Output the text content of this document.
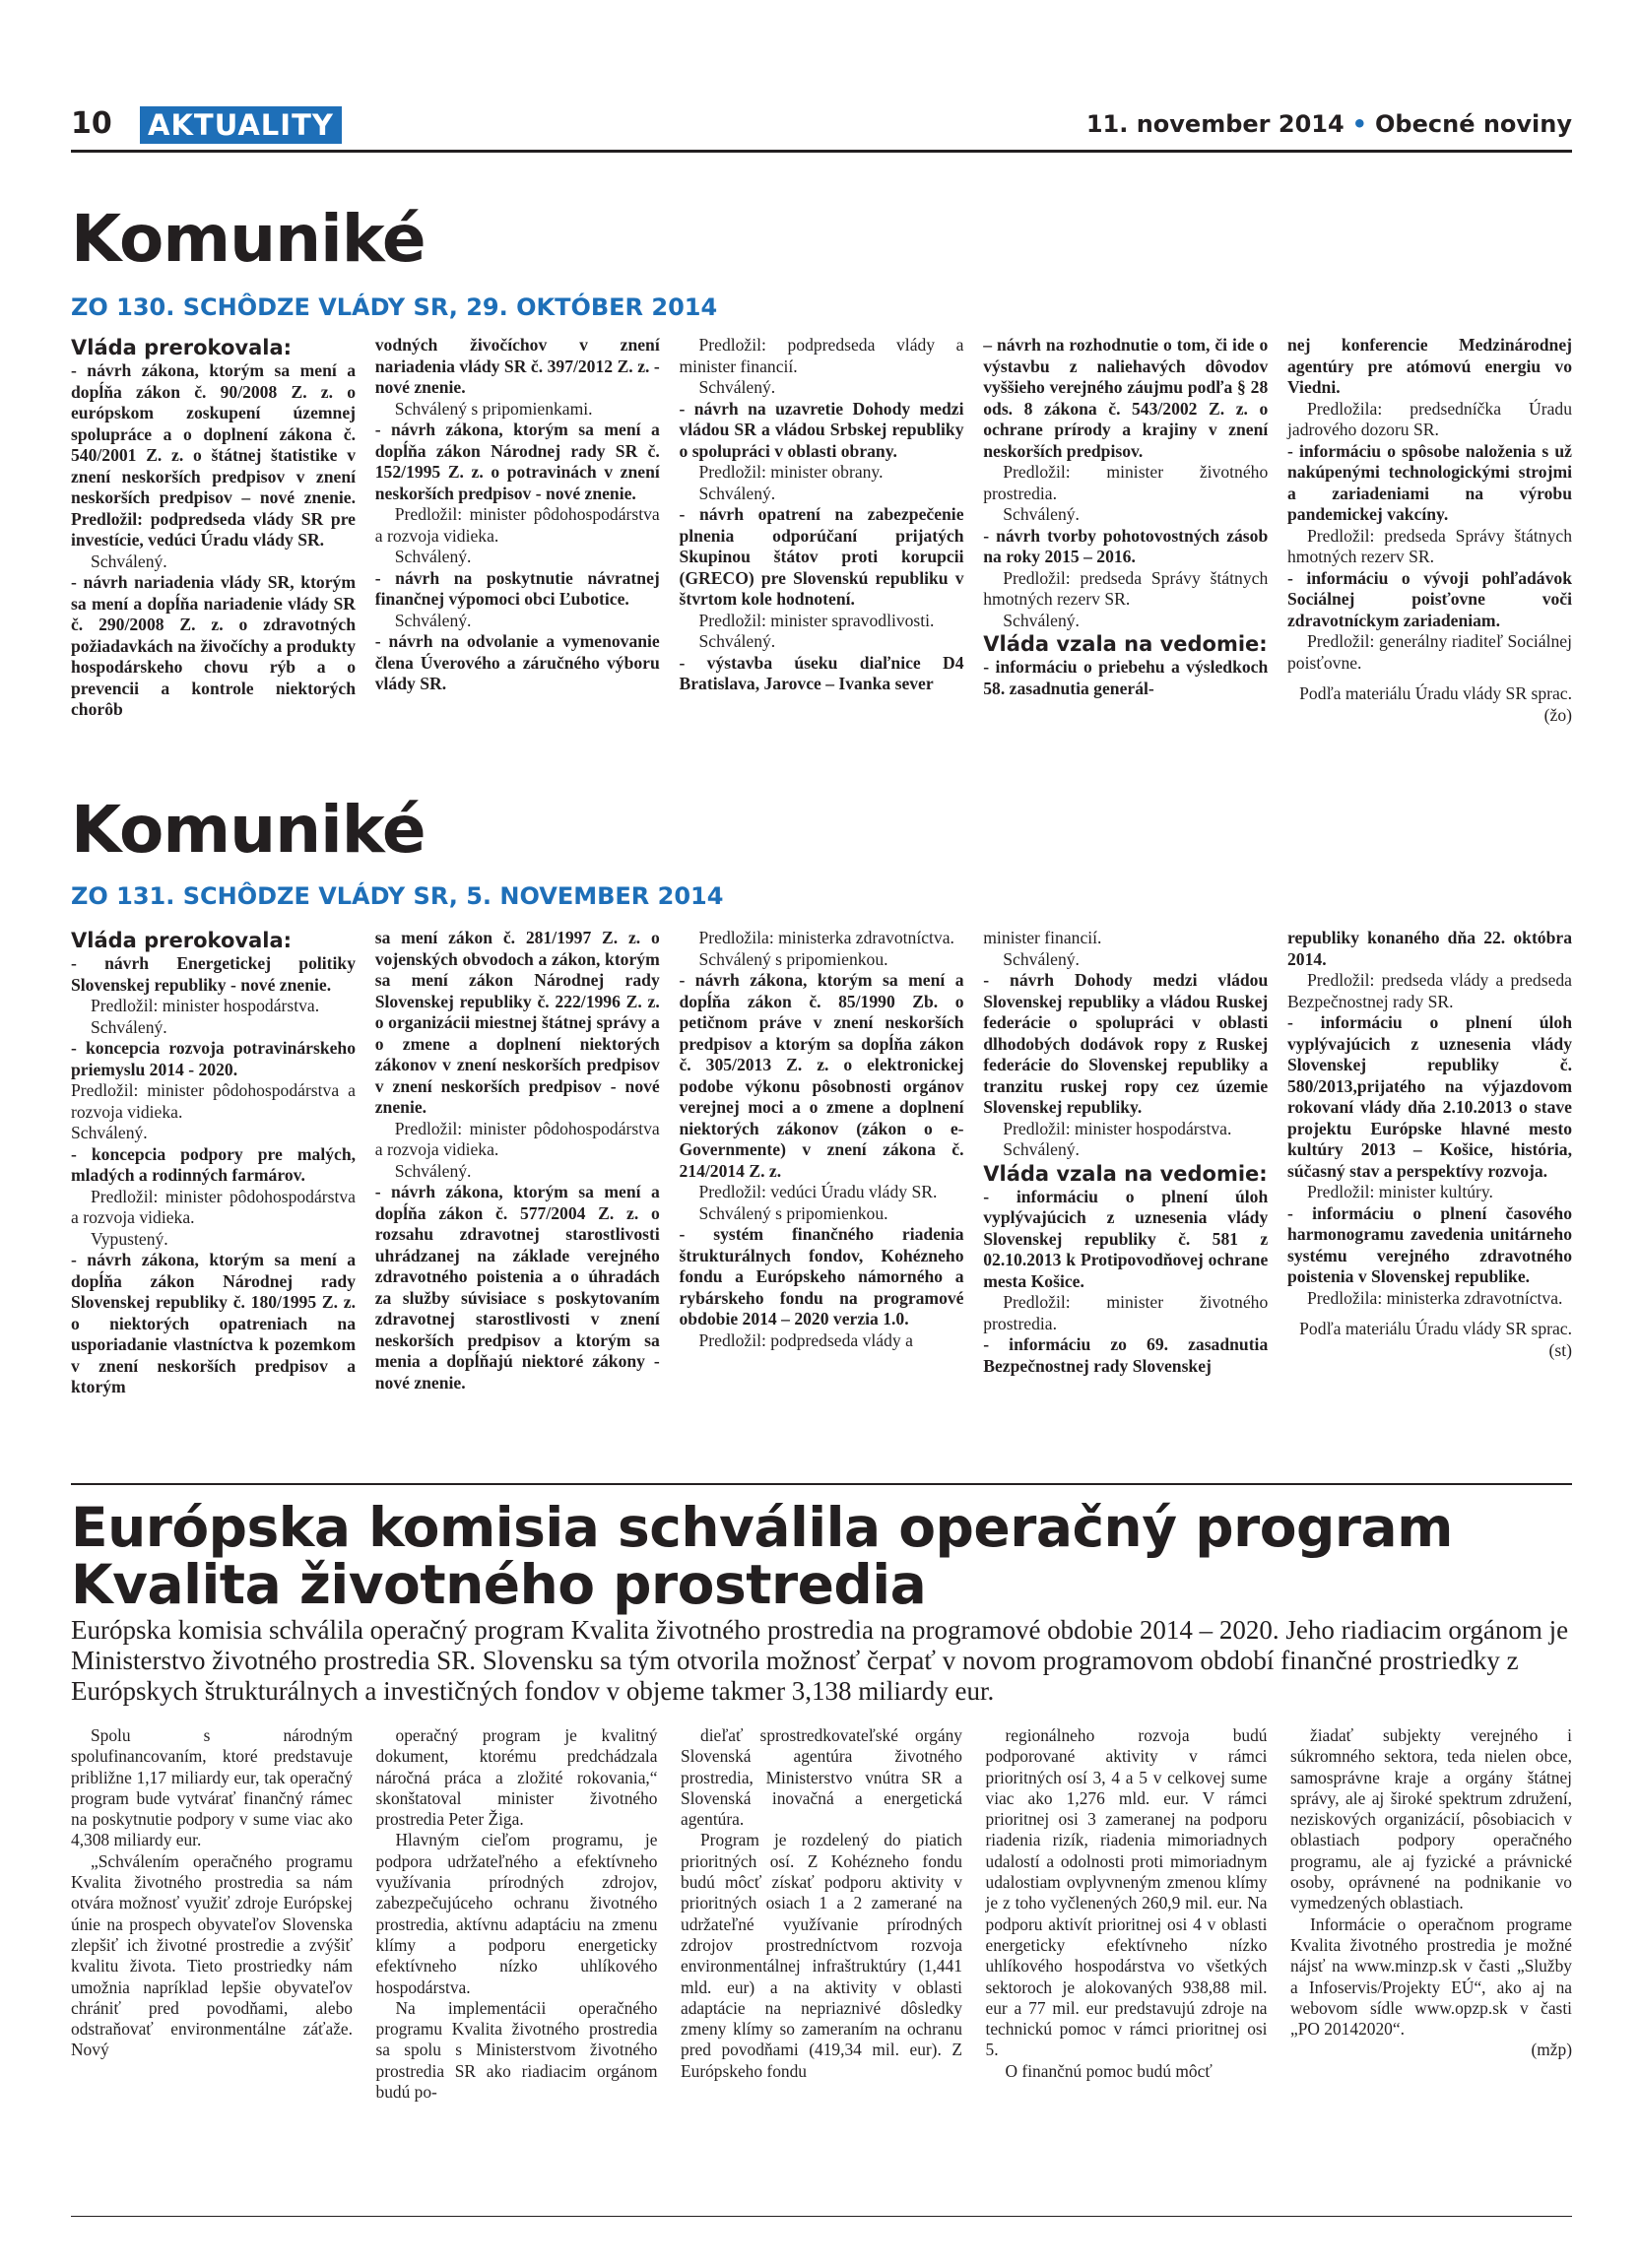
10 AKTUALITY	11. november 2014 • Obecné noviny
Komuniké
ZO 130. SCHÔDZE VLÁDY SR, 29. OKTÓBER 2014
Vláda prerokovala:

- návrh zákona, ktorým sa mení a dopĺňa zákon č. 90/2008 Z. z. o európskom zoskupení územnej spolupráce a o doplnení zákona č. 540/2001 Z. z. o štátnej štatistike v znení neskorších predpisov v znení neskorších predpisov – nové znenie. Predložil: podpredseda vlády SR pre investície, vedúci Úradu vlády SR.

Schválený.

- návrh nariadenia vlády SR, ktorým sa mení a dopĺňa nariadenie vlády SR č. 290/2008 Z. z. o zdravotných požiadavkách na živočíchy a produkty hospodárskeho chovu rýb a o prevencii a kontrole niektorých chorôb

vodných živočíchov v znení nariadenia vlády SR č. 397/2012 Z. z. - nové znenie.

Schválený s pripomienkami.

- návrh zákona, ktorým sa mení a dopĺňa zákon Národnej rady SR č. 152/1995 Z. z. o potravinách v znení neskorších predpisov - nové znenie.

Predložil: minister pôdohospodárstva a rozvoja vidieka.

Schválený.

- návrh na poskytnutie návratnej finančnej výpomoci obci Ľubotice.

Schválený.

- návrh na odvolanie a vymenovanie člena Úverového a záručného výboru vlády SR.

Predložil: podpredseda vlády a minister financií.

Schválený.

- návrh na uzavretie Dohody medzi vládou SR a vládou Srbskej republiky o spolupráci v oblasti obrany.

Predložil: minister obrany.

Schválený.

- návrh opatrení na zabezpečenie plnenia odporúčaní prijatých Skupinou štátov proti korupcii (GRECO) pre Slovenskú republiku v štvrtom kole hodnotení.

Predložil: minister spravodlivosti.

Schválený.

- výstavba úseku diaľnice D4 Bratislava, Jarovce – Ivanka sever

– návrh na rozhodnutie o tom, či ide o výstavbu z naliehavých dôvodov vyššieho verejného záujmu podľa § 28 ods. 8 zákona č. 543/2002 Z. z. o ochrane prírody a krajiny v znení neskorších predpisov.

Predložil: minister životného prostredia.

Schválený.

- návrh tvorby pohotovostných zásob na roky 2015 – 2016.

Predložil: predseda Správy štátnych hmotných rezerv SR.

Schválený.

Vláda vzala na vedomie:

- informáciu o priebehu a výsledkoch 58. zasadnutia generál-

nej konferencie Medzinárodnej agentúry pre atómovú energiu vo Viedni.

Predložila: predsedníčka Úradu jadrového dozoru SR.

- informáciu o spôsobe naloženia s už nakúpenými technologickými strojmi a zariadeniami na výrobu pandemickej vakcíny.

Predložil: predseda Správy štátnych hmotných rezerv SR.

- informáciu o vývoji pohľadávok Sociálnej poisťovne voči zdravotníckym zariadeniam.

Predložil: generálny riaditeľ Sociálnej poisťovne.

Podľa materiálu Úradu vlády SR sprac. (žo)

Komuniké
ZO 131. SCHÔDZE VLÁDY SR, 5. NOVEMBER 2014
Vláda prerokovala:

- návrh Energetickej politiky Slovenskej republiky - nové znenie.

Predložil: minister hospodárstva.

Schválený.

- koncepcia rozvoja potravinárskeho priemyslu 2014 - 2020.

Predložil: minister pôdohospodárstva a rozvoja vidieka.

Schválený.

- koncepcia podpory pre malých, mladých a rodinných farmárov.

Predložil: minister pôdohospodárstva a rozvoja vidieka.

Vypustený.

- návrh zákona, ktorým sa mení a dopĺňa zákon Národnej rady Slovenskej republiky č. 180/1995 Z. z. o niektorých opatreniach na usporiadanie vlastníctva k pozemkom v znení neskorších predpisov a ktorým

sa mení zákon č. 281/1997 Z. z. o vojenských obvodoch a zákon, ktorým sa mení zákon Národnej rady Slovenskej republiky č. 222/1996 Z. z. o organizácii miestnej štátnej správy a o zmene a doplnení niektorých zákonov v znení neskorších predpisov v znení neskorších predpisov - nové znenie.

Predložil: minister pôdohospodárstva a rozvoja vidieka.

Schválený.

- návrh zákona, ktorým sa mení a dopĺňa zákon č. 577/2004 Z. z. o rozsahu zdravotnej starostlivosti uhrádzanej na základe verejného zdravotného poistenia a o úhradách za služby súvisiace s poskytovaním zdravotnej starostlivosti v znení neskorších predpisov a ktorým sa menia a dopĺňajú niektoré zákony - nové znenie.

Predložila: ministerka zdravotníctva.

Schválený s pripomienkou.

- návrh zákona, ktorým sa mení a dopĺňa zákon č. 85/1990 Zb. o petičnom práve v znení neskorších predpisov a ktorým sa dopĺňa zákon č. 305/2013 Z. z. o elektronickej podobe výkonu pôsobnosti orgánov verejnej moci a o zmene a doplnení niektorých zákonov (zákon o e-Governmente) v znení zákona č. 214/2014 Z. z.

Predložil: vedúci Úradu vlády SR.

Schválený s pripomienkou.

- systém finančného riadenia štrukturálnych fondov, Kohézneho fondu a Európskeho námorného a rybárskeho fondu na programové obdobie 2014 – 2020 verzia 1.0.

Predložil: podpredseda vlády a

minister financií.

Schválený.

- návrh Dohody medzi vládou Slovenskej republiky a vládou Ruskej federácie o spolupráci v oblasti dlhodobých dodávok ropy z Ruskej federácie do Slovenskej republiky a tranzitu ruskej ropy cez územie Slovenskej republiky.

Predložil: minister hospodárstva.

Schválený.

Vláda vzala na vedomie:

- informáciu o plnení úloh vyplývajúcich z uznesenia vlády Slovenskej republiky č. 581 z 02.10.2013 k Protipovodňovej ochrane mesta Košice.

Predložil: minister životného prostredia.

- informáciu zo 69. zasadnutia Bezpečnostnej rady Slovenskej

republiky konaného dňa 22. októbra 2014.

Predložil: predseda vlády a predseda Bezpečnostnej rady SR.

- informáciu o plnení úloh vyplývajúcich z uznesenia vlády Slovenskej republiky č. 580/2013,prijatého na výjazdovom rokovaní vlády dňa 2.10.2013 o stave projektu Európske hlavné mesto kultúry 2013 – Košice, história, súčasný stav a perspektívy rozvoja.

Predložil: minister kultúry.

- informáciu o plnení časového harmonogramu zavedenia unitárneho systému verejného zdravotného poistenia v Slovenskej republike.

Predložila: ministerka zdravotníctva.

Podľa materiálu Úradu vlády SR sprac. (st)

Európska komisia schválila operačný program Kvalita životného prostredia
Európska komisia schválila operačný program Kvalita životného prostredia na programové obdobie 2014 – 2020. Jeho riadiacim orgánom je Ministerstvo životného prostredia SR. Slovensku sa tým otvorila možnosť čerpať v novom programovom období finančné prostriedky z Európskych štrukturálnych a investičných fondov v objeme takmer 3,138 miliardy eur.

Spolu s národným spolufinancovaním, ktoré predstavuje približne 1,17 miliardy eur, tak operačný program bude vytvárať finančný rámec na poskytnutie podpory v sume viac ako 4,308 miliardy eur.

„Schválením operačného programu Kvalita životného prostredia sa nám otvára možnosť využiť zdroje Európskej únie na prospech obyvateľov Slovenska zlepšiť ich životné prostredie a zvýšiť kvalitu života. Tieto prostriedky nám umožnia napríklad lepšie obyvateľov chrániť pred povodňami, alebo odstraňovať environmentálne záťaže. Nový

operačný program je kvalitný dokument, ktorému predchádzala náročná práca a zložité rokovania,“ skonštatoval minister životného prostredia Peter Žiga.

Hlavným cieľom programu, je podpora udržateľného a efektívneho využívania prírodných zdrojov, zabezpečujúceho ochranu životného prostredia, aktívnu adaptáciu na zmenu klímy a podporu energeticky efektívneho nízko uhlíkového hospodárstva.

Na implementácii operačného programu Kvalita životného prostredia sa spolu s Ministerstvom životného prostredia SR ako riadiacim orgánom budú po-

dieľať sprostredkovateľské orgány Slovenská agentúra životného prostredia, Ministerstvo vnútra SR a Slovenská inovačná a energetická agentúra.

Program je rozdelený do piatich prioritných osí. Z Kohézneho fondu budú môcť získať podporu aktivity v prioritných osiach 1 a 2 zamerané na udržateľné využívanie prírodných zdrojov prostredníctvom rozvoja environmentálnej infraštruktúry (1,441 mld. eur) a na aktivity v oblasti adaptácie na nepriaznivé dôsledky zmeny klímy so zameraním na ochranu pred povodňami (419,34 mil. eur). Z Európskeho fondu

regionálneho rozvoja budú podporované aktivity v rámci prioritných osí 3, 4 a 5 v celkovej sume viac ako 1,276 mld. eur. V rámci prioritnej osi 3 zameranej na podporu riadenia rizík, riadenia mimoriadnych udalostí a odolnosti proti mimoriadnym udalostiam ovplyvneným zmenou klímy je z toho vyčlenených 260,9 mil. eur. Na podporu aktivít prioritnej osi 4 v oblasti energeticky efektívneho nízko uhlíkového hospodárstva vo všetkých sektoroch je alokovaných 938,88 mil. eur a 77 mil. eur predstavujú zdroje na technickú pomoc v rámci prioritnej osi 5.

O finančnú pomoc budú môcť

žiadať subjekty verejného i súkromného sektora, teda nielen obce, samosprávne kraje a orgány štátnej správy, ale aj široké spektrum združení, neziskových organizácií, pôsobiacich v oblastiach podpory operačného programu, ale aj fyzické a právnické osoby, oprávnené na podnikanie vo vymedzených oblastiach.

Informácie o operačnom programe Kvalita životného prostredia je možné nájsť na www.minzp.sk v časti „Služby a Infoservis/Projekty EÚ“, ako aj na webovom sídle www.opzp.sk v časti „PO 20142020“.

(mžp)
